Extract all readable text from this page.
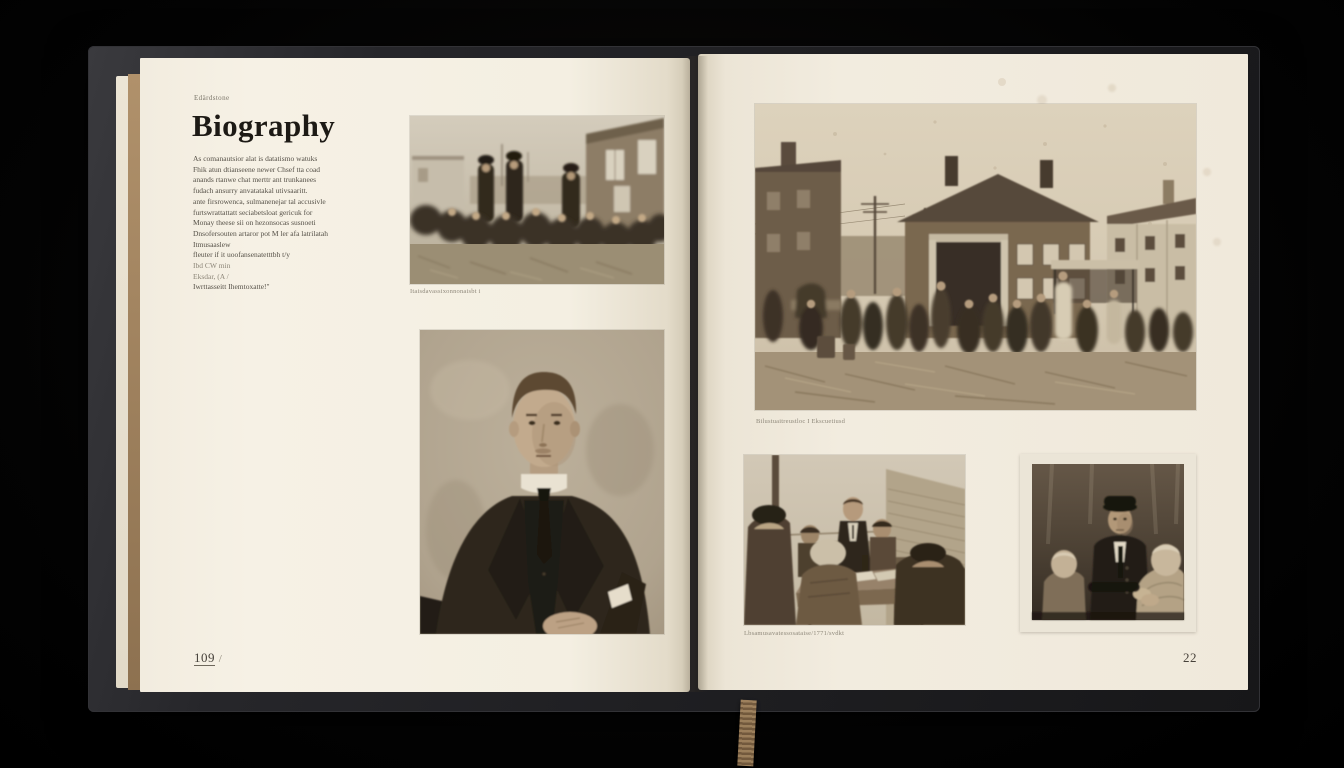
Edärdstone
Biography
As comanautsior alat is datatismo watuks
Fhik atun dtianseene newer Chsef tta coad
anands rtanwe chat merttr ant trunkanees
fudach ansurry anvatatakal utivsaaritt.
ante firsrowenca, sulmanenejar tal accusivle
furtswrattattatt seciabetsloat gericuk for
Monay theese sii on hezonsocas susnoeti
Dnsofersouten artaror pot M ler afa latrilatah
Itmusaaslew
fleuter if it uoofansenatetttbh t/y
Ibd CW min
Eksdar, (A /
Iwrttasseitt Ihemtoxatte!"
Itaisdavassixonnonaisbt i
109 /
Bilustuaitreustloc I Ekscuetiusd
Lbsamusavatessosataise/1771/svdkt
22
